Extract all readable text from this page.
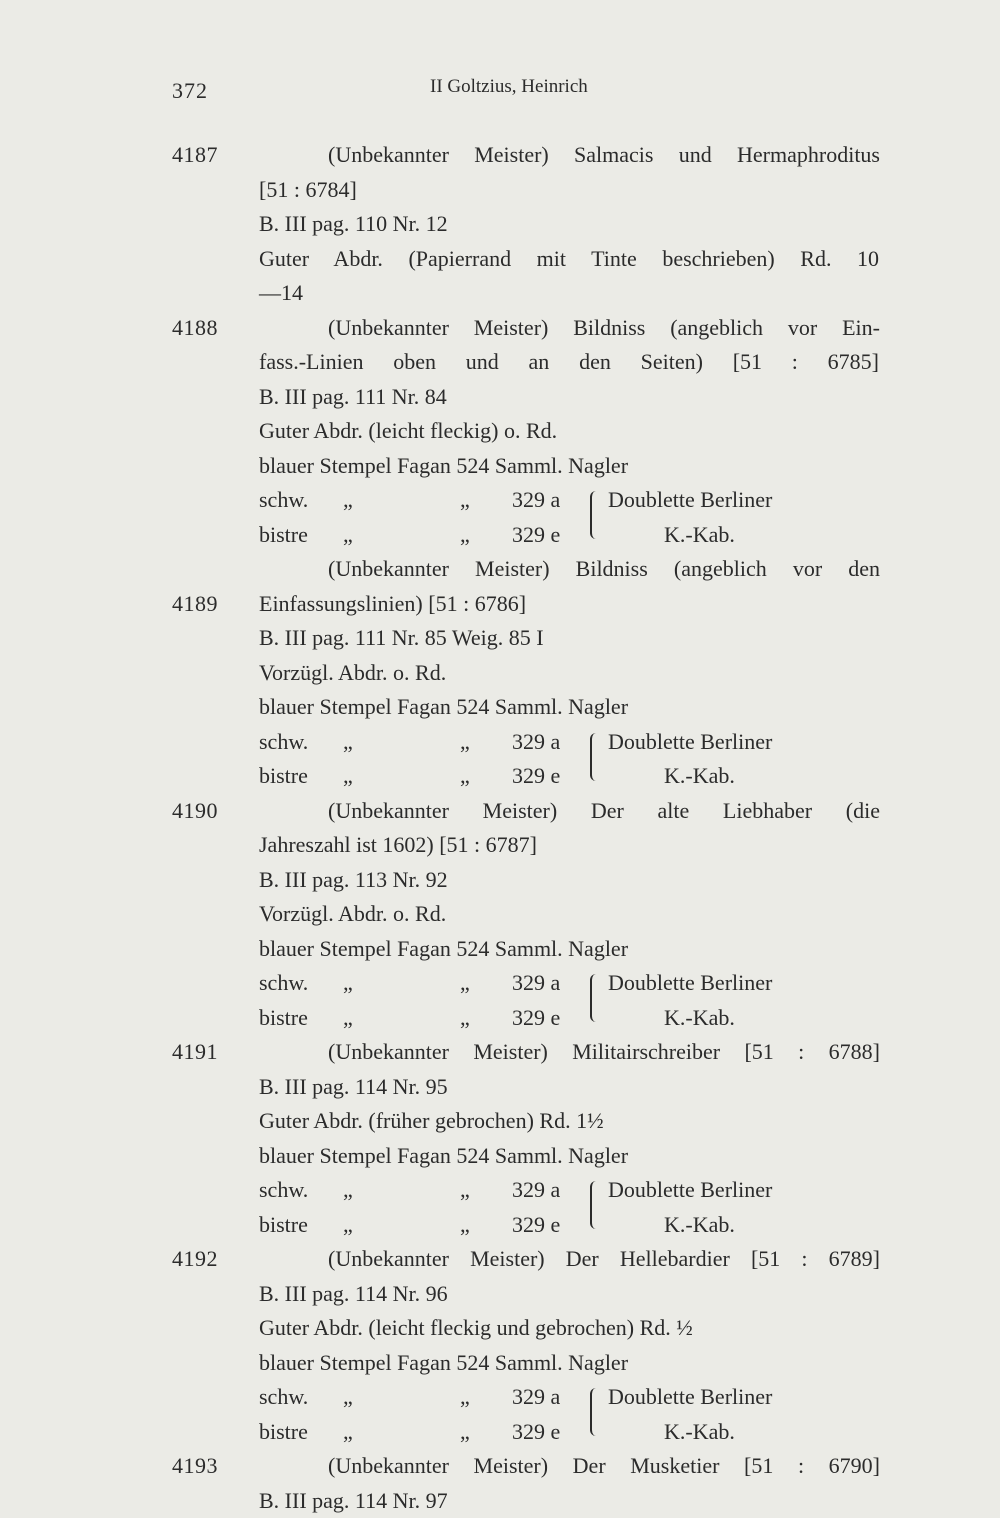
372	II Goltzius, Heinrich
4187	(Unbekannter Meister) Salmacis und Hermaphroditus
[51 : 6784]
B. III pag. 110 Nr. 12
Guter Abdr. (Papierrand mit Tinte beschrieben) Rd. 10
—14
4188	(Unbekannter Meister) Bildniss (angeblich vor Ein-
fass.-Linien oben und an den Seiten) [51 : 6785]
B. III pag. 111 Nr. 84
Guter Abdr. (leicht fleckig) o. Rd.
blauer Stempel Fagan 524 Samml. Nagler
schw. „	„ 329 a Doublette Berliner
bistre „	„ 329 e	K.-Kab.
(Unbekannter Meister) Bildniss (angeblich vor den
4189 Einfassungslinien) [51 : 6786]
B. III pag. 111 Nr. 85 Weig. 85 I
Vorzügl. Abdr. o. Rd.
blauer Stempel Fagan 524 Samml. Nagler
schw. „	„ 329 a Doublette Berliner
bistre „	„ 329 e	K.-Kab.
4190	(Unbekannter Meister) Der alte Liebhaber (die
Jahreszahl ist 1602) [51 : 6787]
B. III pag. 113 Nr. 92
Vorzügl. Abdr. o. Rd.
blauer Stempel Fagan 524 Samml. Nagler
schw. „	„ 329 a Doublette Berliner
bistre „	„ 329 e	K.-Kab.
4191	(Unbekannter Meister) Militairschreiber [51 : 6788]
B. III pag. 114 Nr. 95
Guter Abdr. (früher gebrochen) Rd. 1½
blauer Stempel Fagan 524 Samml. Nagler
schw. „	„ 329 a Doublette Berliner
bistre „	„ 329 e	K.-Kab.
4192	(Unbekannter Meister) Der Hellebardier [51 : 6789]
B. III pag. 114 Nr. 96
Guter Abdr. (leicht fleckig und gebrochen) Rd. ½
blauer Stempel Fagan 524 Samml. Nagler
schw. „	„ 329 a Doublette Berliner
bistre „	„ 329 e	K.-Kab.
4193	(Unbekannter Meister) Der Musketier [51 : 6790]
B. III pag. 114 Nr. 97
